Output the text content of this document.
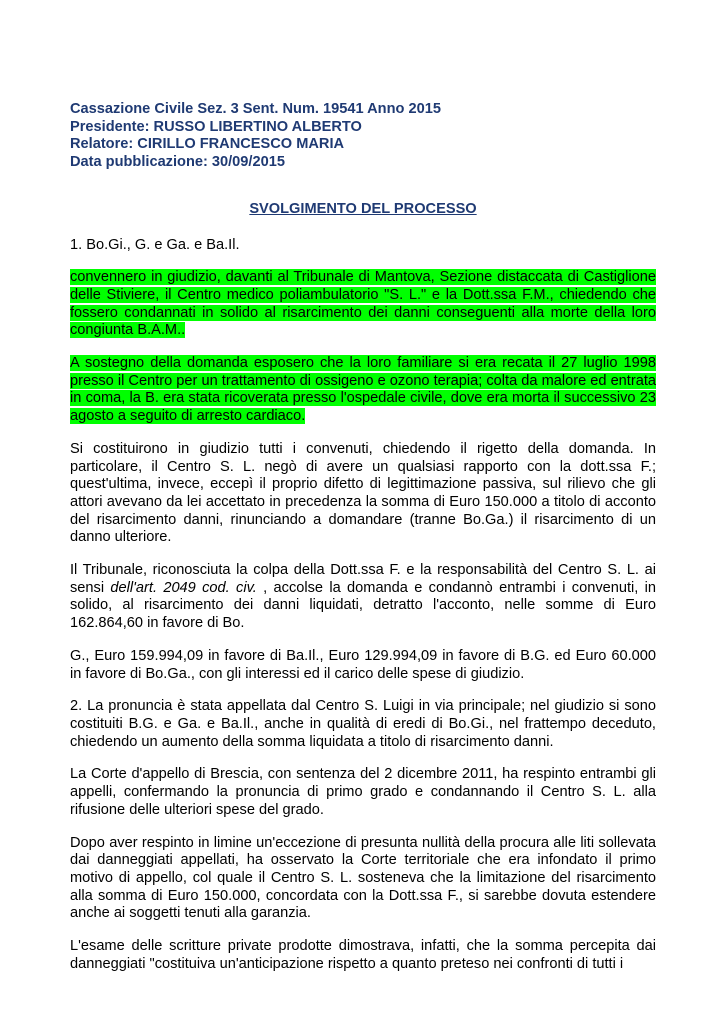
Cassazione Civile Sez. 3 Sent. Num. 19541 Anno 2015

Presidente: RUSSO LIBERTINO ALBERTO

Relatore: CIRILLO FRANCESCO MARIA

Data pubblicazione: 30/09/2015

SVOLGIMENTO DEL PROCESSO

1. Bo.Gi., G. e Ga. e Ba.Il.

convennero in giudizio, davanti al Tribunale di Mantova, Sezione distaccata di Castiglione delle Stiviere, il Centro medico poliambulatorio "S. L." e la Dott.ssa F.M., chiedendo che fossero condannati in solido al risarcimento dei danni conseguenti alla morte della loro congiunta B.A.M..

A sostegno della domanda esposero che la loro familiare si era recata il 27 luglio 1998 presso il Centro per un trattamento di ossigeno e ozono terapia; colta da malore ed entrata in coma, la B. era stata ricoverata presso l'ospedale civile, dove era morta il successivo 23 agosto a seguito di arresto cardiaco.

Si costituirono in giudizio tutti i convenuti, chiedendo il rigetto della domanda. In particolare, il Centro S. L. negò di avere un qualsiasi rapporto con la dott.ssa F.; quest'ultima, invece, eccepì il proprio difetto di legittimazione passiva, sul rilievo che gli attori avevano da lei accettato in precedenza la somma di Euro 150.000 a titolo di acconto del risarcimento danni, rinunciando a domandare (tranne Bo.Ga.) il risarcimento di un danno ulteriore.

Il Tribunale, riconosciuta la colpa della Dott.ssa F. e la responsabilità del Centro S. L. ai sensi dell'art. 2049 cod. civ. , accolse la domanda e condannò entrambi i convenuti, in solido, al risarcimento dei danni liquidati, detratto l'acconto, nelle somme di Euro 162.864,60 in favore di Bo.

G., Euro 159.994,09 in favore di Ba.Il., Euro 129.994,09 in favore di B.G. ed Euro 60.000 in favore di Bo.Ga., con gli interessi ed il carico delle spese di giudizio.

2. La pronuncia è stata appellata dal Centro S. Luigi in via principale; nel giudizio si sono costituiti B.G. e Ga. e Ba.Il., anche in qualità di eredi di Bo.Gi., nel frattempo deceduto, chiedendo un aumento della somma liquidata a titolo di risarcimento danni.

La Corte d'appello di Brescia, con sentenza del 2 dicembre 2011, ha respinto entrambi gli appelli, confermando la pronuncia di primo grado e condannando il Centro S. L. alla rifusione delle ulteriori spese del grado.

Dopo aver respinto in limine un'eccezione di presunta nullità della procura alle liti sollevata dai danneggiati appellati, ha osservato la Corte territoriale che era infondato il primo motivo di appello, col quale il Centro S. L. sosteneva che la limitazione del risarcimento alla somma di Euro 150.000, concordata con la Dott.ssa F., si sarebbe dovuta estendere anche ai soggetti tenuti alla garanzia.

L'esame delle scritture private prodotte dimostrava, infatti, che la somma percepita dai danneggiati "costituiva un'anticipazione rispetto a quanto preteso nei confronti di tutti i
